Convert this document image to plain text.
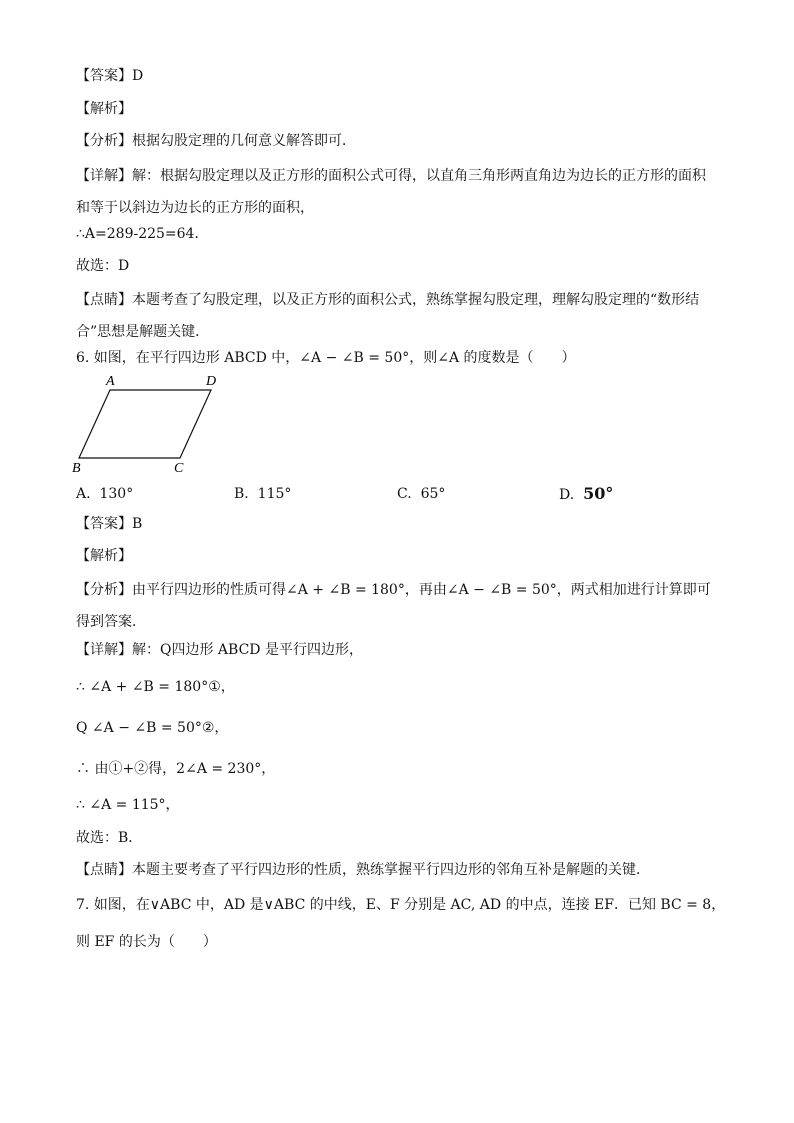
【答案】D
【解析】
【分析】根据勾股定理的几何意义解答即可．
【详解】解：根据勾股定理以及正方形的面积公式可得，以直角三角形两直角边为边长的正方形的面积和等于以斜边为边长的正方形的面积，
∴A=289-225=64．
故选：D
【点睛】本题考查了勾股定理，以及正方形的面积公式，熟练掌握勾股定理，理解勾股定理的“数形结合”思想是解题关键．
6. 如图，在平行四边形 ABCD 中，∠A − ∠B = 50°，则∠A 的度数是（　　）
A	D
B	C
A. 130°	B. 115°	C. 65°	D. 50°
【答案】B
【解析】
【分析】由平行四边形的性质可得∠A + ∠B = 180°，再由∠A − ∠B = 50°，两式相加进行计算即可得到答案．
【详解】解：Q四边形 ABCD 是平行四边形，
∴ ∠A + ∠B = 180°①，
Q ∠A − ∠B = 50°②，
∴ 由①+②得，2∠A = 230°，
∴ ∠A = 115°，
故选：B．
【点睛】本题主要考查了平行四边形的性质，熟练掌握平行四边形的邻角互补是解题的关键．
7. 如图，在∨ABC 中，AD 是∨ABC 的中线，E、F 分别是 AC, AD 的中点，连接 EF．已知 BC = 8，
则 EF 的长为（　　）
